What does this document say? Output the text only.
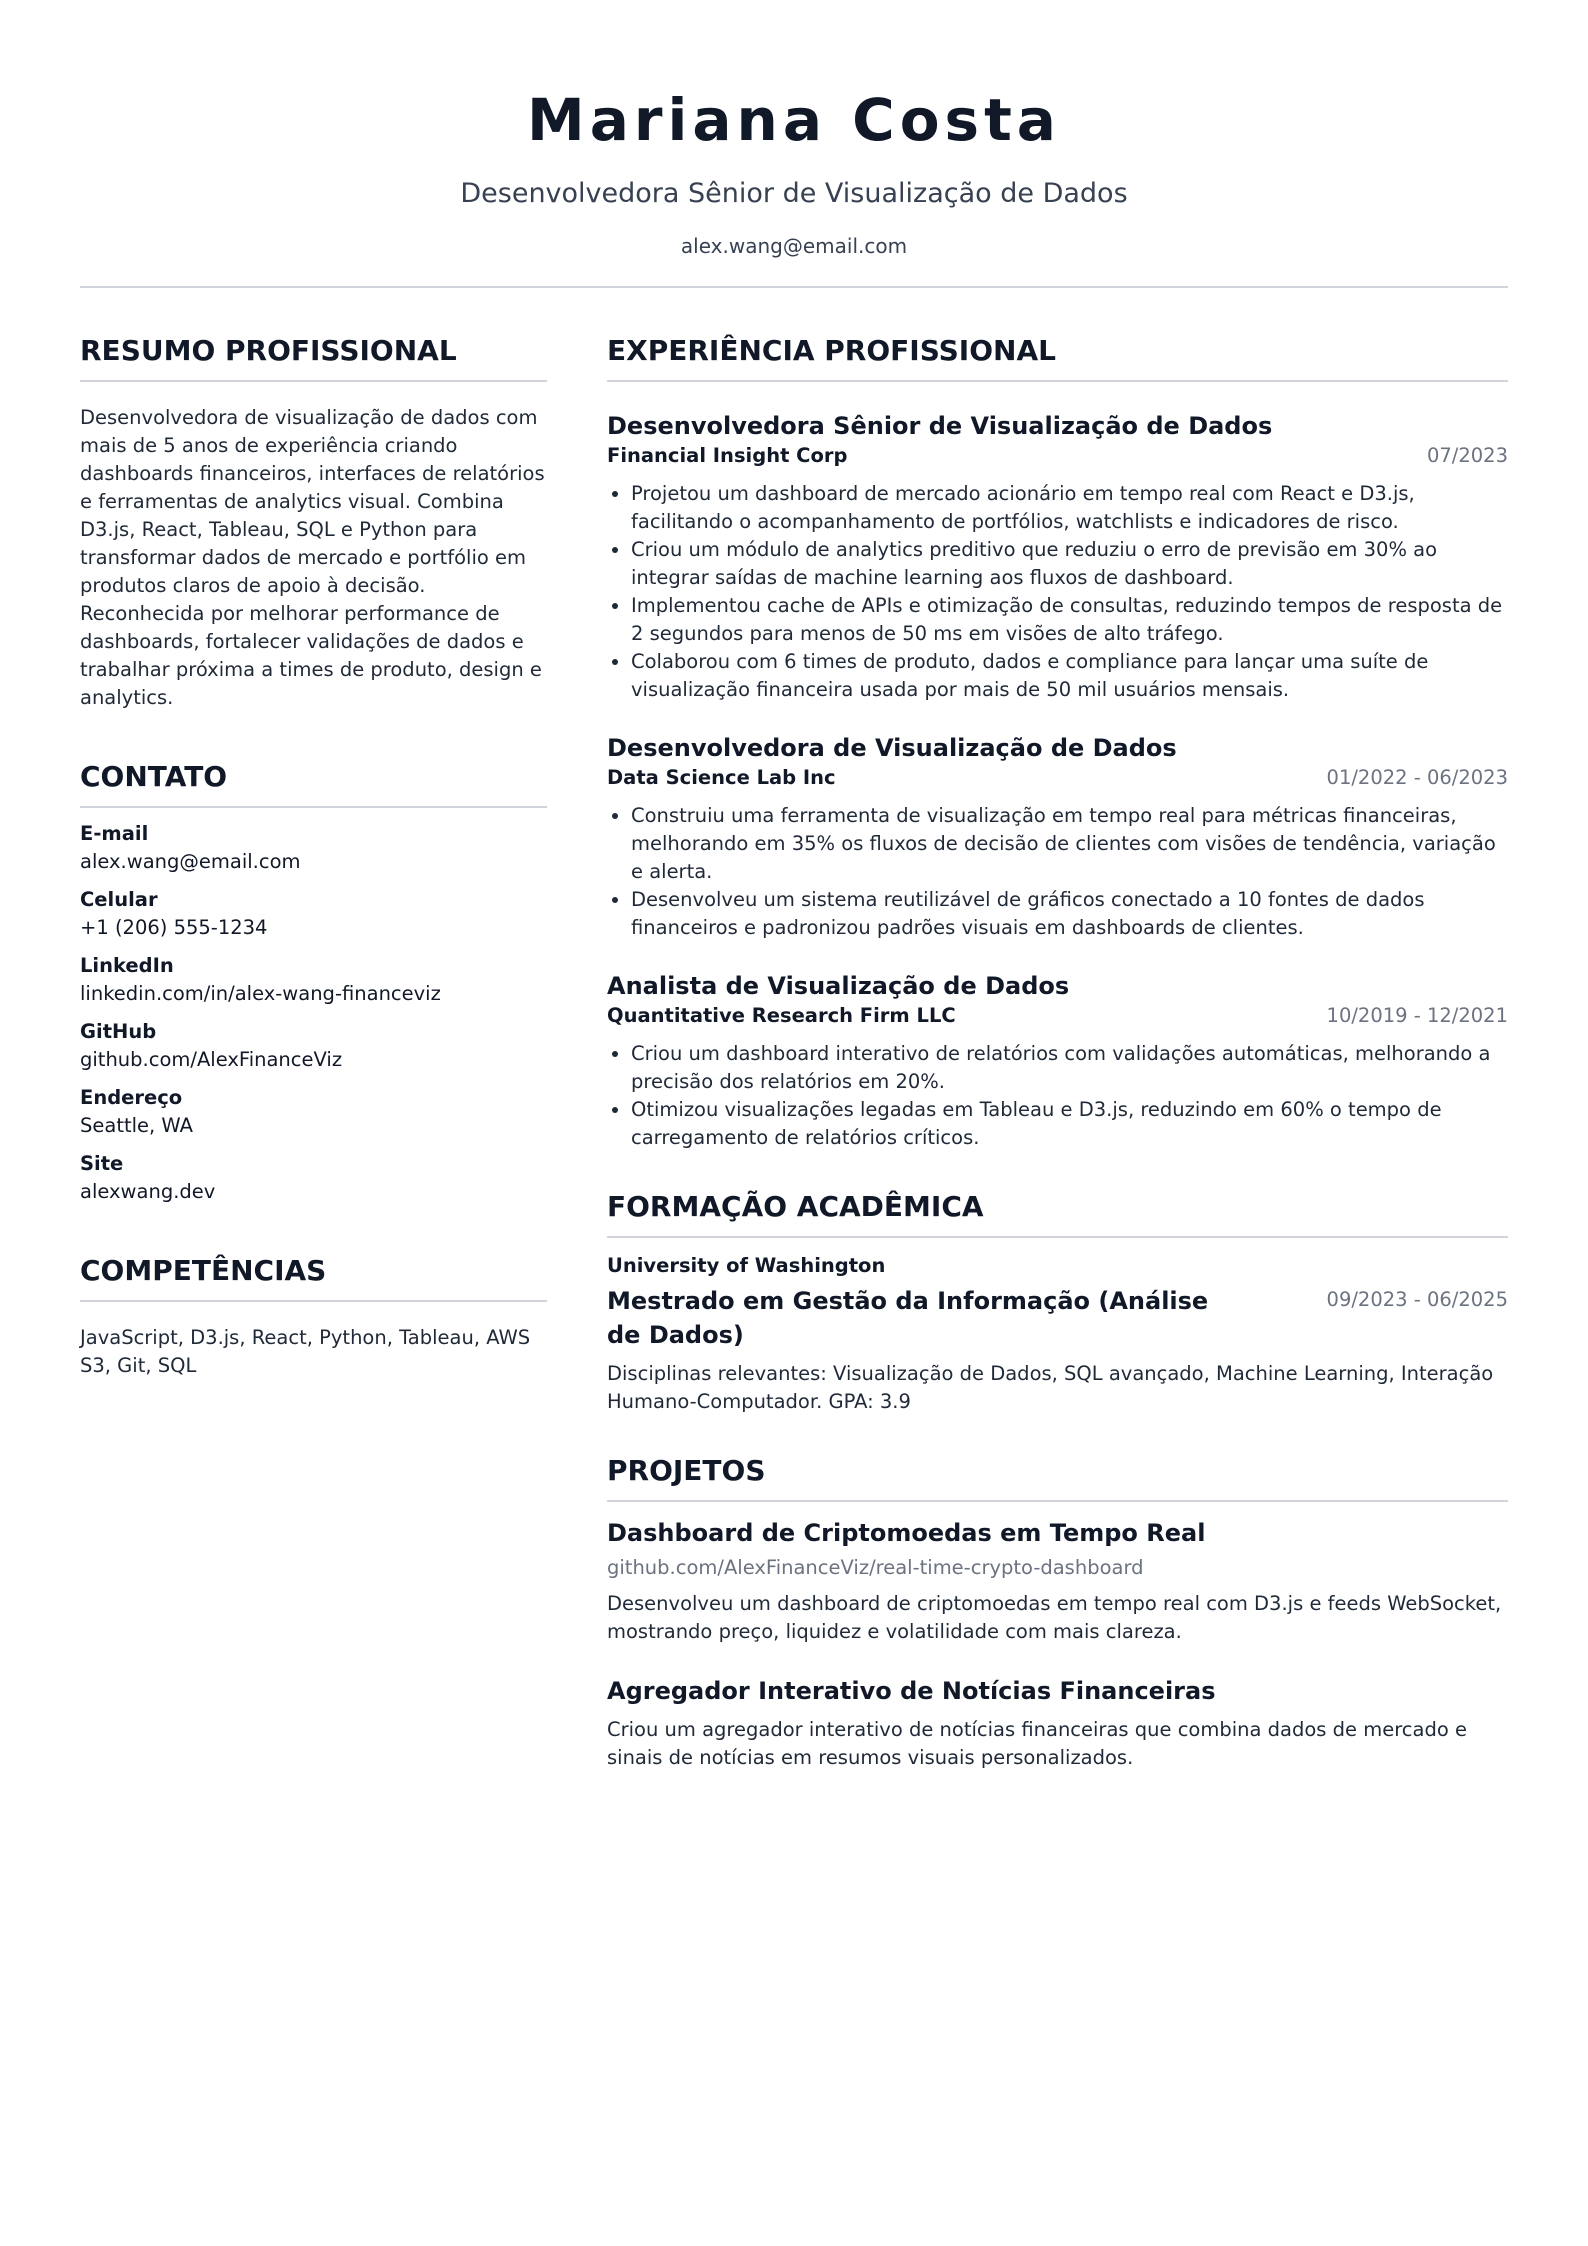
Mariana Costa
Desenvolvedora Sênior de Visualização de Dados
alex.wang@email.com
RESUMO PROFISSIONAL
Desenvolvedora de visualização de dados com mais de 5 anos de experiência criando dashboards financeiros, interfaces de relatórios e ferramentas de analytics visual. Combina D3.js, React, Tableau, SQL e Python para transformar dados de mercado e portfólio em produtos claros de apoio à decisão. Reconhecida por melhorar performance de dashboards, fortalecer validações de dados e trabalhar próxima a times de produto, design e analytics.
CONTATO
E-mail
alex.wang@email.com
Celular
+1 (206) 555-1234
LinkedIn
linkedin.com/in/alex-wang-financeviz
GitHub
github.com/AlexFinanceViz
Endereço
Seattle, WA
Site
alexwang.dev
COMPETÊNCIAS
JavaScript, D3.js, React, Python, Tableau, AWS S3, Git, SQL
EXPERIÊNCIA PROFISSIONAL
Desenvolvedora Sênior de Visualização de Dados
Financial Insight Corp	07/2023
• Projetou um dashboard de mercado acionário em tempo real com React e D3.js, facilitando o acompanhamento de portfólios, watchlists e indicadores de risco.
• Criou um módulo de analytics preditivo que reduziu o erro de previsão em 30% ao integrar saídas de machine learning aos fluxos de dashboard.
• Implementou cache de APIs e otimização de consultas, reduzindo tempos de resposta de 2 segundos para menos de 50 ms em visões de alto tráfego.
• Colaborou com 6 times de produto, dados e compliance para lançar uma suíte de visualização financeira usada por mais de 50 mil usuários mensais.
Desenvolvedora de Visualização de Dados
Data Science Lab Inc	01/2022 - 06/2023
• Construiu uma ferramenta de visualização em tempo real para métricas financeiras, melhorando em 35% os fluxos de decisão de clientes com visões de tendência, variação e alerta.
• Desenvolveu um sistema reutilizável de gráficos conectado a 10 fontes de dados financeiros e padronizou padrões visuais em dashboards de clientes.
Analista de Visualização de Dados
Quantitative Research Firm LLC	10/2019 - 12/2021
• Criou um dashboard interativo de relatórios com validações automáticas, melhorando a precisão dos relatórios em 20%.
• Otimizou visualizações legadas em Tableau e D3.js, reduzindo em 60% o tempo de carregamento de relatórios críticos.
FORMAÇÃO ACADÊMICA
University of Washington
Mestrado em Gestão da Informação (Análise de Dados)
09/2023 - 06/2025
Disciplinas relevantes: Visualização de Dados, SQL avançado, Machine Learning, Interação Humano-Computador. GPA: 3.9
PROJETOS
Dashboard de Criptomoedas em Tempo Real
github.com/AlexFinanceViz/real-time-crypto-dashboard
Desenvolveu um dashboard de criptomoedas em tempo real com D3.js e feeds WebSocket, mostrando preço, liquidez e volatilidade com mais clareza.
Agregador Interativo de Notícias Financeiras
Criou um agregador interativo de notícias financeiras que combina dados de mercado e sinais de notícias em resumos visuais personalizados.
